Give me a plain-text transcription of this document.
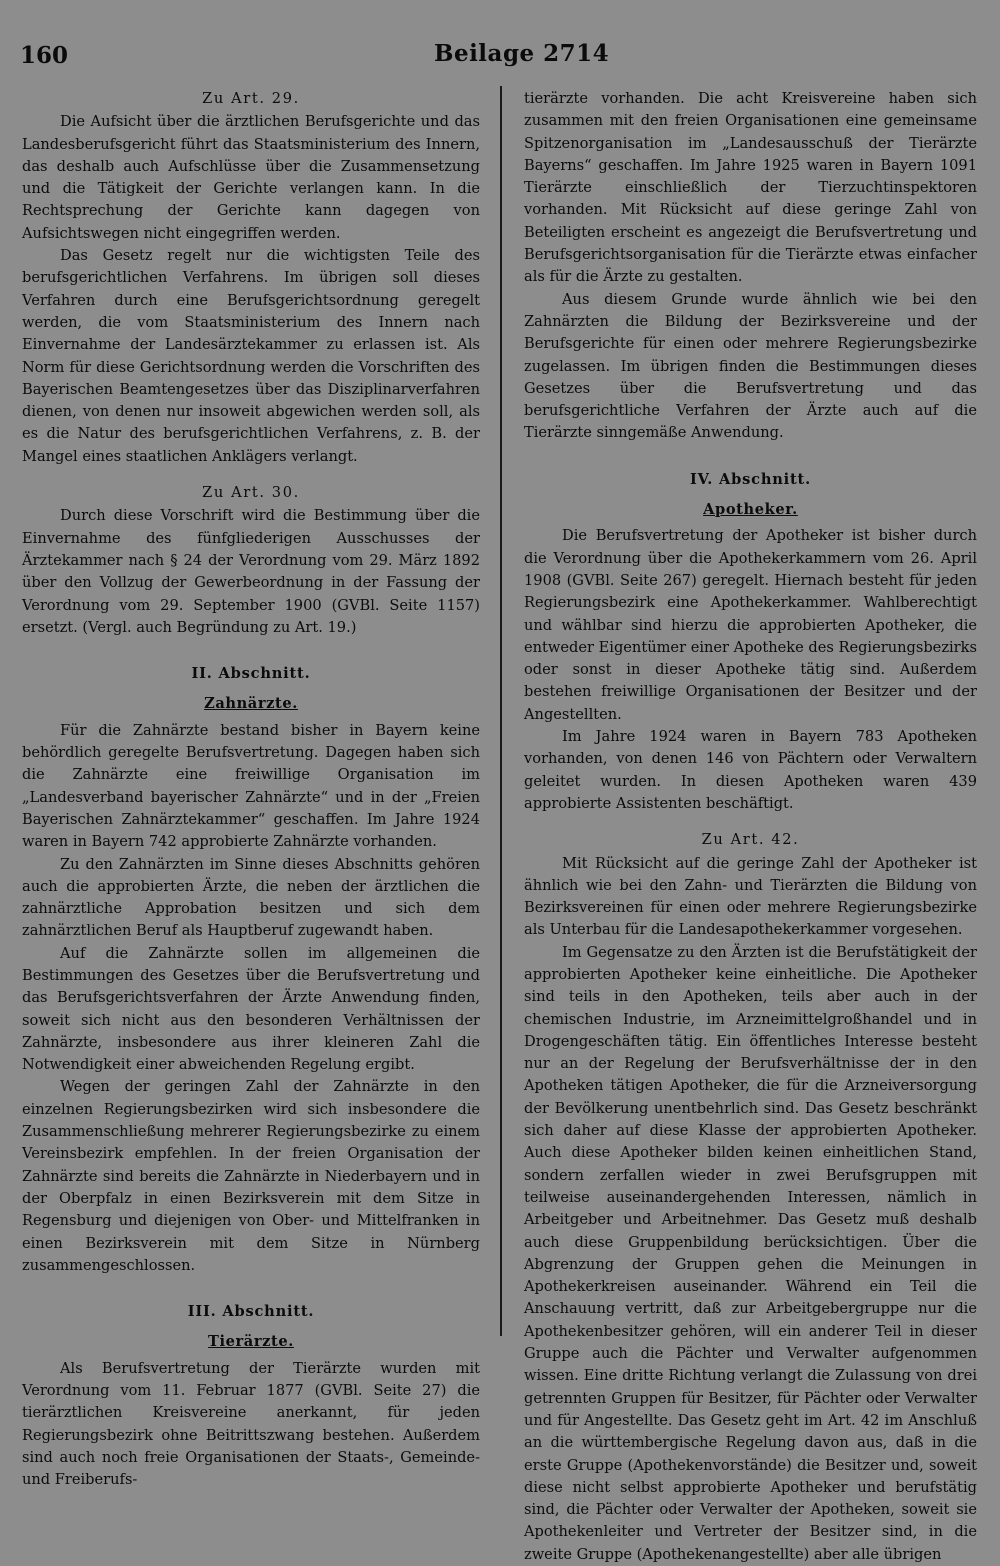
160	Beilage 2714
Zu Art. 29.

Die Aufsicht über die ärztlichen Berufsgerichte und das Landesberufsgericht führt das Staatsministerium des Innern, das deshalb auch Aufschlüsse über die Zusammensetzung und die Tätigkeit der Gerichte verlangen kann. In die Rechtsprechung der Gerichte kann dagegen von Aufsichtswegen nicht eingegriffen werden.

Das Gesetz regelt nur die wichtigsten Teile des berufsgerichtlichen Verfahrens. Im übrigen soll dieses Verfahren durch eine Berufsgerichtsordnung geregelt werden, die vom Staatsministerium des Innern nach Einvernahme der Landesärztekammer zu erlassen ist. Als Norm für diese Gerichtsordnung werden die Vorschriften des Bayerischen Beamtengesetzes über das Disziplinarverfahren dienen, von denen nur insoweit abgewichen werden soll, als es die Natur des berufsgerichtlichen Verfahrens, z. B. der Mangel eines staatlichen Anklägers verlangt.

Zu Art. 30.

Durch diese Vorschrift wird die Bestimmung über die Einvernahme des fünfgliederigen Ausschusses der Ärztekammer nach § 24 der Verordnung vom 29. März 1892 über den Vollzug der Gewerbeordnung in der Fassung der Verordnung vom 29. September 1900 (GVBl. Seite 1157) ersetzt. (Vergl. auch Begründung zu Art. 19.)

II. Abschnitt.
Zahnärzte.

Für die Zahnärzte bestand bisher in Bayern keine behördlich geregelte Berufsvertretung. Dagegen haben sich die Zahnärzte eine freiwillige Organisation im „Landesverband bayerischer Zahnärzte“ und in der „Freien Bayerischen Zahnärztekammer“ geschaffen. Im Jahre 1924 waren in Bayern 742 approbierte Zahnärzte vorhanden.

Zu den Zahnärzten im Sinne dieses Abschnitts gehören auch die approbierten Ärzte, die neben der ärztlichen die zahnärztliche Approbation besitzen und sich dem zahnärztlichen Beruf als Hauptberuf zugewandt haben.

Auf die Zahnärzte sollen im allgemeinen die Bestimmungen des Gesetzes über die Berufsvertretung und das Berufsgerichtsverfahren der Ärzte Anwendung finden, soweit sich nicht aus den besonderen Verhältnissen der Zahnärzte, insbesondere aus ihrer kleineren Zahl die Notwendigkeit einer abweichenden Regelung ergibt.

Wegen der geringen Zahl der Zahnärzte in den einzelnen Regierungsbezirken wird sich insbesondere die Zusammenschließung mehrerer Regierungsbezirke zu einem Vereinsbezirk empfehlen. In der freien Organisation der Zahnärzte sind bereits die Zahnärzte in Niederbayern und in der Oberpfalz in einen Bezirksverein mit dem Sitze in Regensburg und diejenigen von Ober- und Mittelfranken in einen Bezirksverein mit dem Sitze in Nürnberg zusammengeschlossen.

III. Abschnitt.
Tierärzte.

Als Berufsvertretung der Tierärzte wurden mit Verordnung vom 11. Februar 1877 (GVBl. Seite 27) die tierärztlichen Kreisvereine anerkannt, für jeden Regierungsbezirk ohne Beitrittszwang bestehen. Außerdem sind auch noch freie Organisationen der Staats-, Gemeinde- und Freiberufs-

tierärzte vorhanden. Die acht Kreisvereine haben sich zusammen mit den freien Organisationen eine gemeinsame Spitzenorganisation im „Landesausschuß der Tierärzte Bayerns“ geschaffen. Im Jahre 1925 waren in Bayern 1091 Tierärzte einschließlich der Tierzuchtinspektoren vorhanden. Mit Rücksicht auf diese geringe Zahl von Beteiligten erscheint es angezeigt die Berufsvertretung und Berufsgerichtsorganisation für die Tierärzte etwas einfacher als für die Ärzte zu gestalten.

Aus diesem Grunde wurde ähnlich wie bei den Zahnärzten die Bildung der Bezirksvereine und der Berufsgerichte für einen oder mehrere Regierungsbezirke zugelassen. Im übrigen finden die Bestimmungen dieses Gesetzes über die Berufsvertretung und das berufsgerichtliche Verfahren der Ärzte auch auf die Tierärzte sinngemäße Anwendung.

IV. Abschnitt.
Apotheker.

Die Berufsvertretung der Apotheker ist bisher durch die Verordnung über die Apothekerkammern vom 26. April 1908 (GVBl. Seite 267) geregelt. Hiernach besteht für jeden Regierungsbezirk eine Apothekerkammer. Wahlberechtigt und wählbar sind hierzu die approbierten Apotheker, die entweder Eigentümer einer Apotheke des Regierungsbezirks oder sonst in dieser Apotheke tätig sind. Außerdem bestehen freiwillige Organisationen der Besitzer und der Angestellten.

Im Jahre 1924 waren in Bayern 783 Apotheken vorhanden, von denen 146 von Pächtern oder Verwaltern geleitet wurden. In diesen Apotheken waren 439 approbierte Assistenten beschäftigt.

Zu Art. 42.

Mit Rücksicht auf die geringe Zahl der Apotheker ist ähnlich wie bei den Zahn- und Tierärzten die Bildung von Bezirksvereinen für einen oder mehrere Regierungsbezirke als Unterbau für die Landesapothekerkammer vorgesehen.

Im Gegensatze zu den Ärzten ist die Berufstätigkeit der approbierten Apotheker keine einheitliche. Die Apotheker sind teils in den Apotheken, teils aber auch in der chemischen Industrie, im Arzneimittelgroßhandel und in Drogengeschäften tätig. Ein öffentliches Interesse besteht nur an der Regelung der Berufsverhältnisse der in den Apotheken tätigen Apotheker, die für die Arzneiversorgung der Bevölkerung unentbehrlich sind. Das Gesetz beschränkt sich daher auf diese Klasse der approbierten Apotheker. Auch diese Apotheker bilden keinen einheitlichen Stand, sondern zerfallen wieder in zwei Berufsgruppen mit teilweise auseinandergehenden Interessen, nämlich in Arbeitgeber und Arbeitnehmer. Das Gesetz muß deshalb auch diese Gruppenbildung berücksichtigen. Über die Abgrenzung der Gruppen gehen die Meinungen in Apothekerkreisen auseinander. Während ein Teil die Anschauung vertritt, daß zur Arbeitgebergruppe nur die Apothekenbesitzer gehören, will ein anderer Teil in dieser Gruppe auch die Pächter und Verwalter aufgenommen wissen. Eine dritte Richtung verlangt die Zulassung von drei getrennten Gruppen für Besitzer, für Pächter oder Verwalter und für Angestellte. Das Gesetz geht im Art. 42 im Anschluß an die württembergische Regelung davon aus, daß in die erste Gruppe (Apothekenvorstände) die Besitzer und, soweit diese nicht selbst approbierte Apotheker und berufstätig sind, die Pächter oder Verwalter der Apotheken, soweit sie Apothekenleiter und Vertreter der Besitzer sind, in die zweite Gruppe (Apothekenangestellte) aber alle übrigen
